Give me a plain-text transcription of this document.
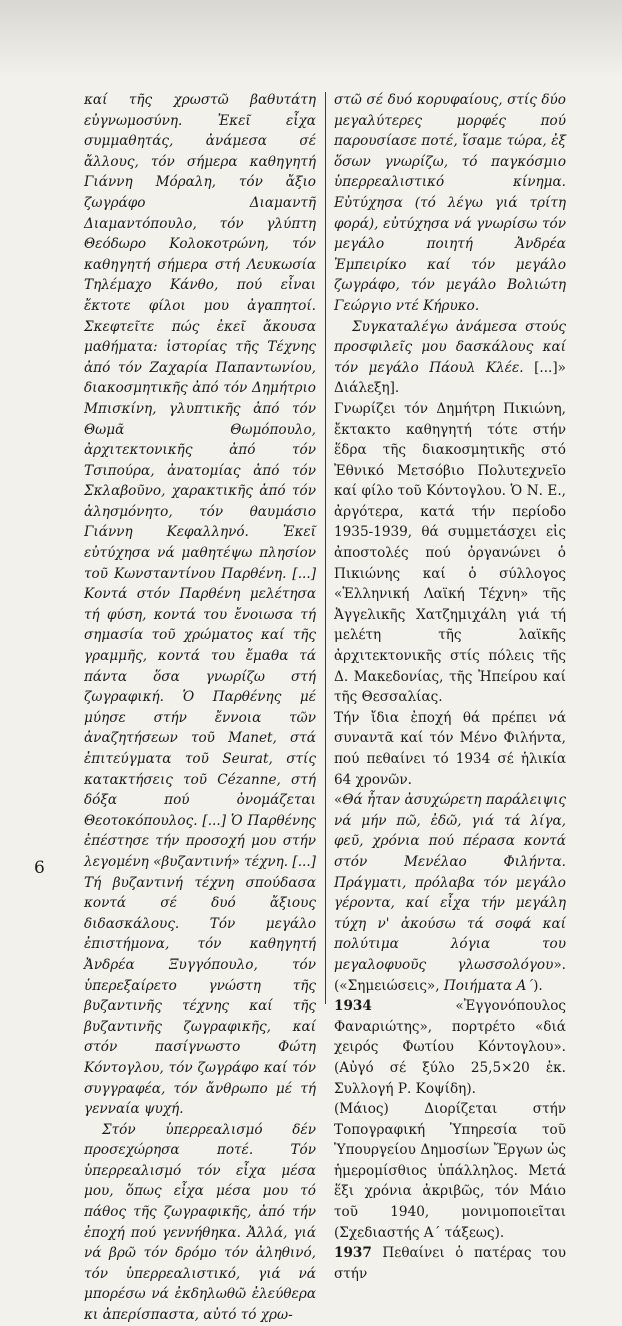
καί τῆς χρωστῶ βαθυτάτη εὐγνωμοσύνη. Ἐκεῖ εἶχα συμμαθητάς, ἀνάμεσα σέ ἄλλους, τόν σήμερα καθηγητή Γιάννη Μόραλη, τόν ἄξιο ζωγράφο Διαμαντῆ Διαμαντόπουλο, τόν γλύπτη Θεόδωρο Κολοκοτρώνη, τόν καθηγητή σήμερα στή Λευκωσία Τηλέμαχο Κάνθο, πού εἶναι ἔκτοτε φίλοι μου ἀγαπητοί. Σκεφτεῖτε πώς ἐκεῖ ἄκουσα μαθήματα: ἱστορίας τῆς Τέχνης ἀπό τόν Ζαχαρία Παπαντωνίου, διακοσμητικῆς ἀπό τόν Δημήτριο Μπισκίνη, γλυπτικῆς ἀπό τόν Θωμᾶ Θωμόπουλο, ἀρχιτεκτονικῆς ἀπό τόν Τσιπούρα, ἀνατομίας ἀπό τόν Σκλαβοῦνο, χαρακτικῆς ἀπό τόν ἀλησμόνητο, τόν θαυμάσιο Γιάννη Κεφαλληνό. Ἐκεῖ εὐτύχησα νά μαθητέψω πλησίον τοῦ Κωνσταντίνου Παρθένη. [...] Κοντά στόν Παρθένη μελέτησα τή φύση, κοντά του ἔνοιωσα τή σημασία τοῦ χρώματος καί τῆς γραμμῆς, κοντά του ἔμαθα τά πάντα ὅσα γνωρίζω στή ζωγραφική. Ὁ Παρθένης μέ μύησε στήν ἔννοια τῶν ἀναζητήσεων τοῦ Manet, στά ἐπιτεύγματα τοῦ Seurat, στίς κατακτήσεις τοῦ Cézanne, στή δόξα πού ὀνομάζεται Θεοτοκόπουλος. [...] Ὁ Παρθένης ἐπέστησε τήν προσοχή μου στήν λεγομένη «βυζαντινή» τέχνη. [...] Τή βυζαντινή τέχνη σπούδασα κοντά σέ δυό ἄξιους διδασκάλους. Τόν μεγάλο ἐπιστήμονα, τόν καθηγητή Ἀνδρέα Ξυγγόπουλο, τόν ὑπερεξαίρετο γνώστη τῆς βυζαντινῆς τέχνης καί τῆς βυζαντινῆς ζωγραφικῆς, καί στόν πασίγνωστο Φώτη Κόντογλου, τόν ζωγράφο καί τόν συγγραφέα, τόν ἄνθρωπο μέ τή γενναία ψυχή.

Στόν ὑπερρεαλισμό δέν προσεχώρησα ποτέ. Τόν ὑπερρεαλισμό τόν εἶχα μέσα μου, ὅπως εἶχα μέσα μου τό πάθος τῆς ζωγραφικῆς, ἀπό τήν ἐποχή πού γεννήθηκα. Ἀλλά, γιά νά βρῶ τόν δρόμο τόν ἀληθινό, τόν ὑπερρεαλιστικό, γιά νά μπορέσω νά ἐκδηλωθῶ ἐλεύθερα κι ἀπερίσπαστα, αὐτό τό χρω-

στῶ σέ δυό κορυφαίους, στίς δύο μεγαλύτερες μορφές πού παρουσίασε ποτέ, ἴσαμε τώρα, ἐξ ὅσων γνωρίζω, τό παγκόσμιο ὑπερρεαλιστικό κίνημα. Εὐτύχησα (τό λέγω γιά τρίτη φορά), εὐτύχησα νά γνωρίσω τόν μεγάλο ποιητή Ἀνδρέα Ἐμπειρίκο καί τόν μεγάλο ζωγράφο, τόν μεγάλο Βολιώτη Γεώργιο ντέ Κήρυκο.

Συγκαταλέγω ἀνάμεσα στούς προσφιλεῖς μου δασκάλους καί τόν μεγάλο Πάουλ Κλέε. [...]» Διάλεξη].

Γνωρίζει τόν Δημήτρη Πικιώνη, ἔκτακτο καθηγητή τότε στήν ἕδρα τῆς διακοσμητικῆς στό Ἐθνικό Μετσόβιο Πολυτεχνεῖο καί φίλο τοῦ Κόντογλου. Ὁ Ν. Ε., ἀργότερα, κατά τήν περίοδο 1935-1939, θά συμμετάσχει εἰς ἀποστολές πού ὀργανώνει ὁ Πικιώνης καί ὁ σύλλογος «Ἑλληνική Λαϊκή Τέχνη» τῆς Ἀγγελικῆς Χατζημιχάλη γιά τή μελέτη τῆς λαϊκῆς ἀρχιτεκτονικῆς στίς πόλεις τῆς Δ. Μακεδονίας, τῆς Ἠπείρου καί τῆς Θεσσαλίας.

Τήν ἴδια ἐποχή θά πρέπει νά συναντᾶ καί τόν Μένο Φιλήντα, πού πεθαίνει τό 1934 σέ ἡλικία 64 χρονῶν.

«Θά ἦταν ἀσυχώρετη παράλειψις νά μήν πῶ, ἐδῶ, γιά τά λίγα, φεῦ, χρόνια πού πέρασα κοντά στόν Μενέλαο Φιλήντα. Πράγματι, πρόλαβα τόν μεγάλο γέροντα, καί εἶχα τήν μεγάλη τύχη ν' ἀκούσω τά σοφά καί πολύτιμα λόγια του μεγαλοφυοῦς γλωσσολόγου». («Σημειώσεις», Ποιήματα Α΄).

1934 «Ἐγγονόπουλος Φαναριώτης», πορτρέτο «διά χειρός Φωτίου Κόντογλου». (Αὐγό σέ ξύλο 25,5×20 ἑκ. Συλλογή Ρ. Κοψίδη).

(Μάιος) Διορίζεται στήν Τοπογραφική Ὑπηρεσία τοῦ Ὑπουργείου Δημοσίων Ἔργων ὡς ἡμερομίσθιος ὑπάλληλος. Μετά ἕξι χρόνια ἀκριβῶς, τόν Μάιο τοῦ 1940, μονιμοποιεῖται (Σχεδιαστής Α΄ τάξεως).

1937 Πεθαίνει ὁ πατέρας του στήν

6
